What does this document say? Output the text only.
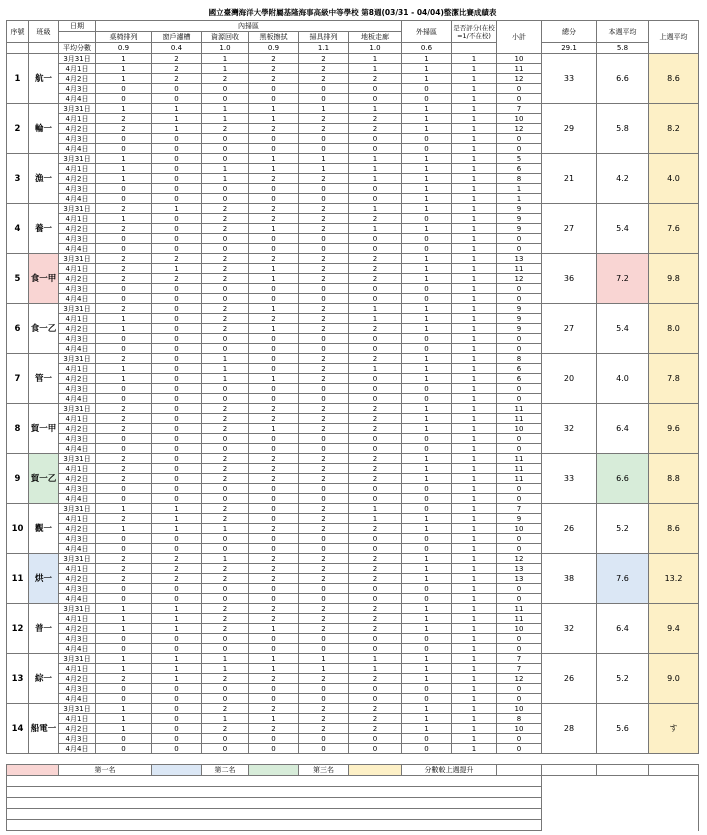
國立臺灣海洋大學附屬基隆海事高級中等學校 第8週(03/31 - 04/04)整潔比賽成績表														
序號	班級	日期	內掃區						外掃區	是否評分(在校=1/不在校)	小計	總分	本週平均	上週平均
			桌椅排列	窗戶濾槽	資源回收	黑板擦拭	掃具排列	地板走廊						
		平均分數	0.9	0.4	1.0	0.9	1.1	1.0	0.6			29.1	5.8	
1	航一	3月31日	1	2	1	2	2	1	1	1	10	33	6.6	8.6
		4月1日	1	2	1	2	2	1	1	1	11			
		4月2日	1	2	2	2	2	2	1	1	12			
		4月3日	0	0	0	0	0	0	0	1	0			
		4月4日	0	0	0	0	0	0	0	1	0			
2	輪一	3月31日	1	1	1	1	1	1	1	1	7	29	5.8	8.2
		4月1日	2	1	1	1	2	2	1	1	10			
		4月2日	2	1	2	2	2	2	1	1	12			
		4月3日	0	0	0	0	0	0	0	1	0			
		4月4日	0	0	0	0	0	0	0	1	0			
3	漁一	3月31日	1	0	0	1	1	1	1	1	5	21	4.2	4.0
		4月1日	1	0	1	1	1	1	1	1	6			
		4月2日	1	0	1	2	2	1	1	1	8			
		4月3日	0	0	0	0	0	0	1	1	1			
		4月4日	0	0	0	0	0	0	1	1	1			
4	養一	3月31日	2	1	2	2	2	1	1	1	9	27	5.4	7.6
		4月1日	1	0	2	2	2	2	0	1	9			
		4月2日	2	0	2	1	2	1	1	1	9			
		4月3日	0	0	0	0	0	0	0	1	0			
		4月4日	0	0	0	0	0	0	0	1	0			
5	食一甲	3月31日	2	2	2	2	2	2	1	1	13	36	7.2	9.8
		4月1日	2	1	2	1	2	2	1	1	11			
		4月2日	2	2	2	1	2	2	1	1	12			
		4月3日	0	0	0	0	0	0	0	1	0			
		4月4日	0	0	0	0	0	0	0	1	0			
6	食一乙	3月31日	2	0	2	1	2	1	1	1	9	27	5.4	8.0
		4月1日	1	0	2	2	2	1	1	1	9			
		4月2日	1	0	2	1	2	2	1	1	9			
		4月3日	0	0	0	0	0	0	0	1	0			
		4月4日	0	0	0	0	0	0	0	1	0			
7	管一	3月31日	2	0	1	0	2	2	1	1	8	20	4.0	7.8
		4月1日	1	0	1	0	2	1	1	1	6			
		4月2日	1	0	1	1	2	0	1	1	6			
		4月3日	0	0	0	0	0	0	0	1	0			
		4月4日	0	0	0	0	0	0	0	1	0			
8	貿一甲	3月31日	2	0	2	2	2	2	1	1	11	32	6.4	9.6
		4月1日	2	0	2	2	2	2	1	1	11			
		4月2日	2	0	2	1	2	2	1	1	10			
		4月3日	0	0	0	0	0	0	0	1	0			
		4月4日	0	0	0	0	0	0	0	1	0			
9	貿一乙	3月31日	2	0	2	2	2	2	1	1	11	33	6.6	8.8
		4月1日	2	0	2	2	2	2	1	1	11			
		4月2日	2	0	2	2	2	2	1	1	11			
		4月3日	0	0	0	0	0	0	0	1	0			
		4月4日	0	0	0	0	0	0	0	1	0			
10	觀一	3月31日	1	1	2	0	2	1	0	1	7	26	5.2	8.6
		4月1日	2	1	2	0	2	1	1	1	9			
		4月2日	1	1	1	2	2	2	1	1	10			
		4月3日	0	0	0	0	0	0	0	1	0			
		4月4日	0	0	0	0	0	0	0	1	0			
11	烘一	3月31日	2	2	1	2	2	2	1	1	12	38	7.6	13.2
		4月1日	2	2	2	2	2	2	1	1	13			
		4月2日	2	2	2	2	2	2	1	1	13			
		4月3日	0	0	0	0	0	0	0	1	0			
		4月4日	0	0	0	0	0	0	0	1	0			
12	普一	3月31日	1	1	2	2	2	2	1	1	11	32	6.4	9.4
		4月1日	1	1	2	2	2	2	1	1	11			
		4月2日	1	1	2	1	2	2	1	1	10			
		4月3日	0	0	0	0	0	0	0	1	0			
		4月4日	0	0	0	0	0	0	0	1	0			
13	綜一	3月31日	1	1	1	1	1	1	1	1	7	26	5.2	9.0
		4月1日	1	1	1	1	1	1	1	1	7			
		4月2日	2	1	2	2	2	2	1	1	12			
		4月3日	0	0	0	0	0	0	0	1	0			
		4月4日	0	0	0	0	0	0	0	1	0			
14	船電一	3月31日	1	0	2	2	2	2	1	1	10	28	5.6	す
		4月1日	1	0	1	1	2	2	1	1	8			
		4月2日	1	0	2	2	2	2	1	1	10			
		4月3日	0	0	0	0	0	0	0	1	0			
		4月4日	0	0	0	0	0	0	0	1	0			

		第一名			第二名		第三名		分數較上週提升					
